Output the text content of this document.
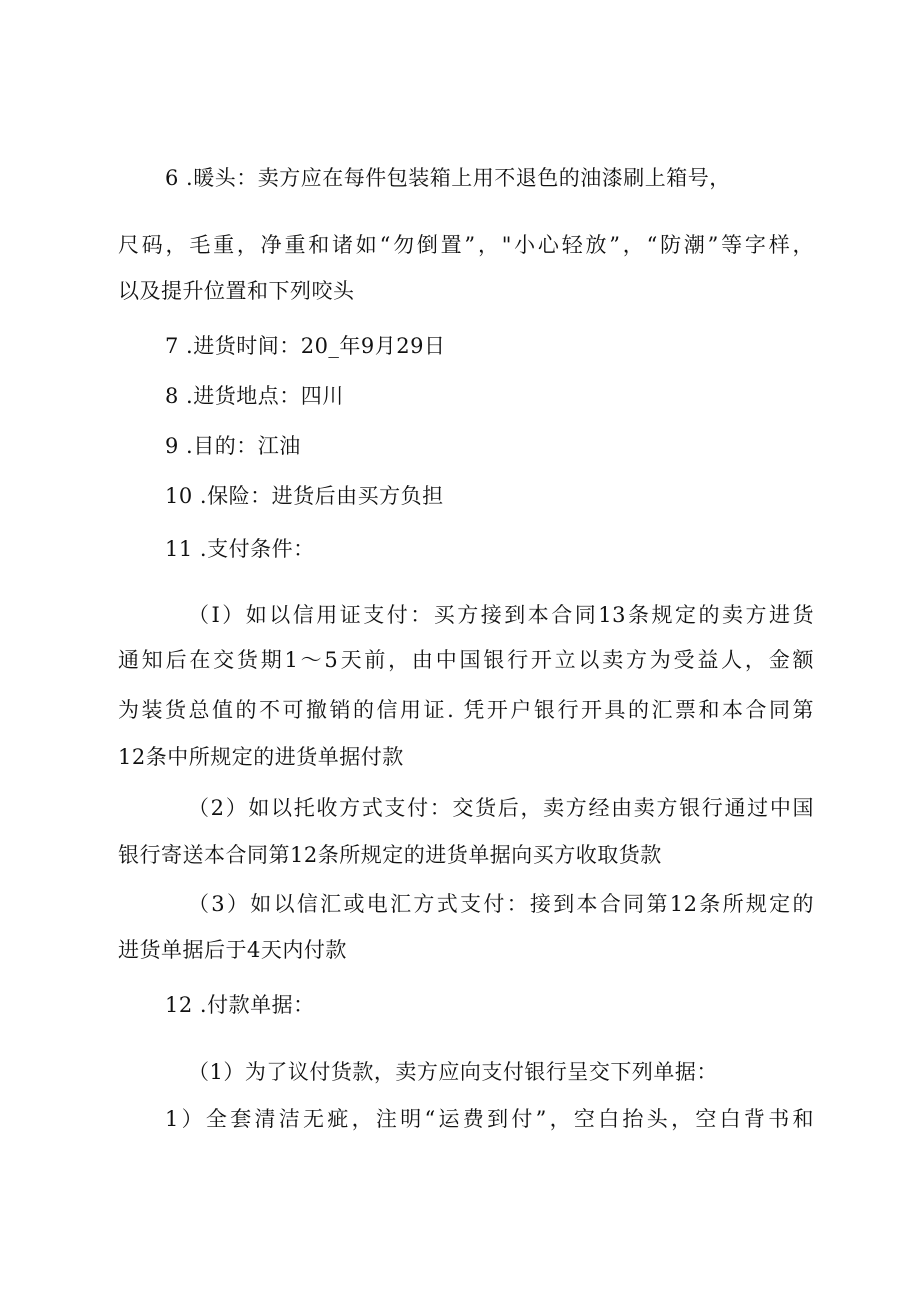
6 .暖头：卖方应在每件包装箱上用不退色的油漆刷上箱号，
尺码，毛重，净重和诸如“勿倒置”，"小心轻放”，“防潮”等字样，
以及提升位置和下列咬头
7 .进货时间：20_年9月29日
8 .进货地点：四川
9 .目的：江油
10 .保险：进货后由买方负担
11 .支付条件：
（I）如以信用证支付：买方接到本合同13条规定的卖方进货
通知后在交货期1～5天前，由中国银行开立以卖方为受益人，金额
为装货总值的不可撤销的信用证. 凭开户银行开具的汇票和本合同第
12条中所规定的进货单据付款
（2）如以托收方式支付：交货后，卖方经由卖方银行通过中国
银行寄送本合同第12条所规定的进货单据向买方收取货款
（3）如以信汇或电汇方式支付：接到本合同第12条所规定的
进货单据后于4天内付款
12 .付款单据：
（1）为了议付货款，卖方应向支付银行呈交下列单据：
1）全套清洁无疵，注明“运费到付”，空白抬头，空白背书和
